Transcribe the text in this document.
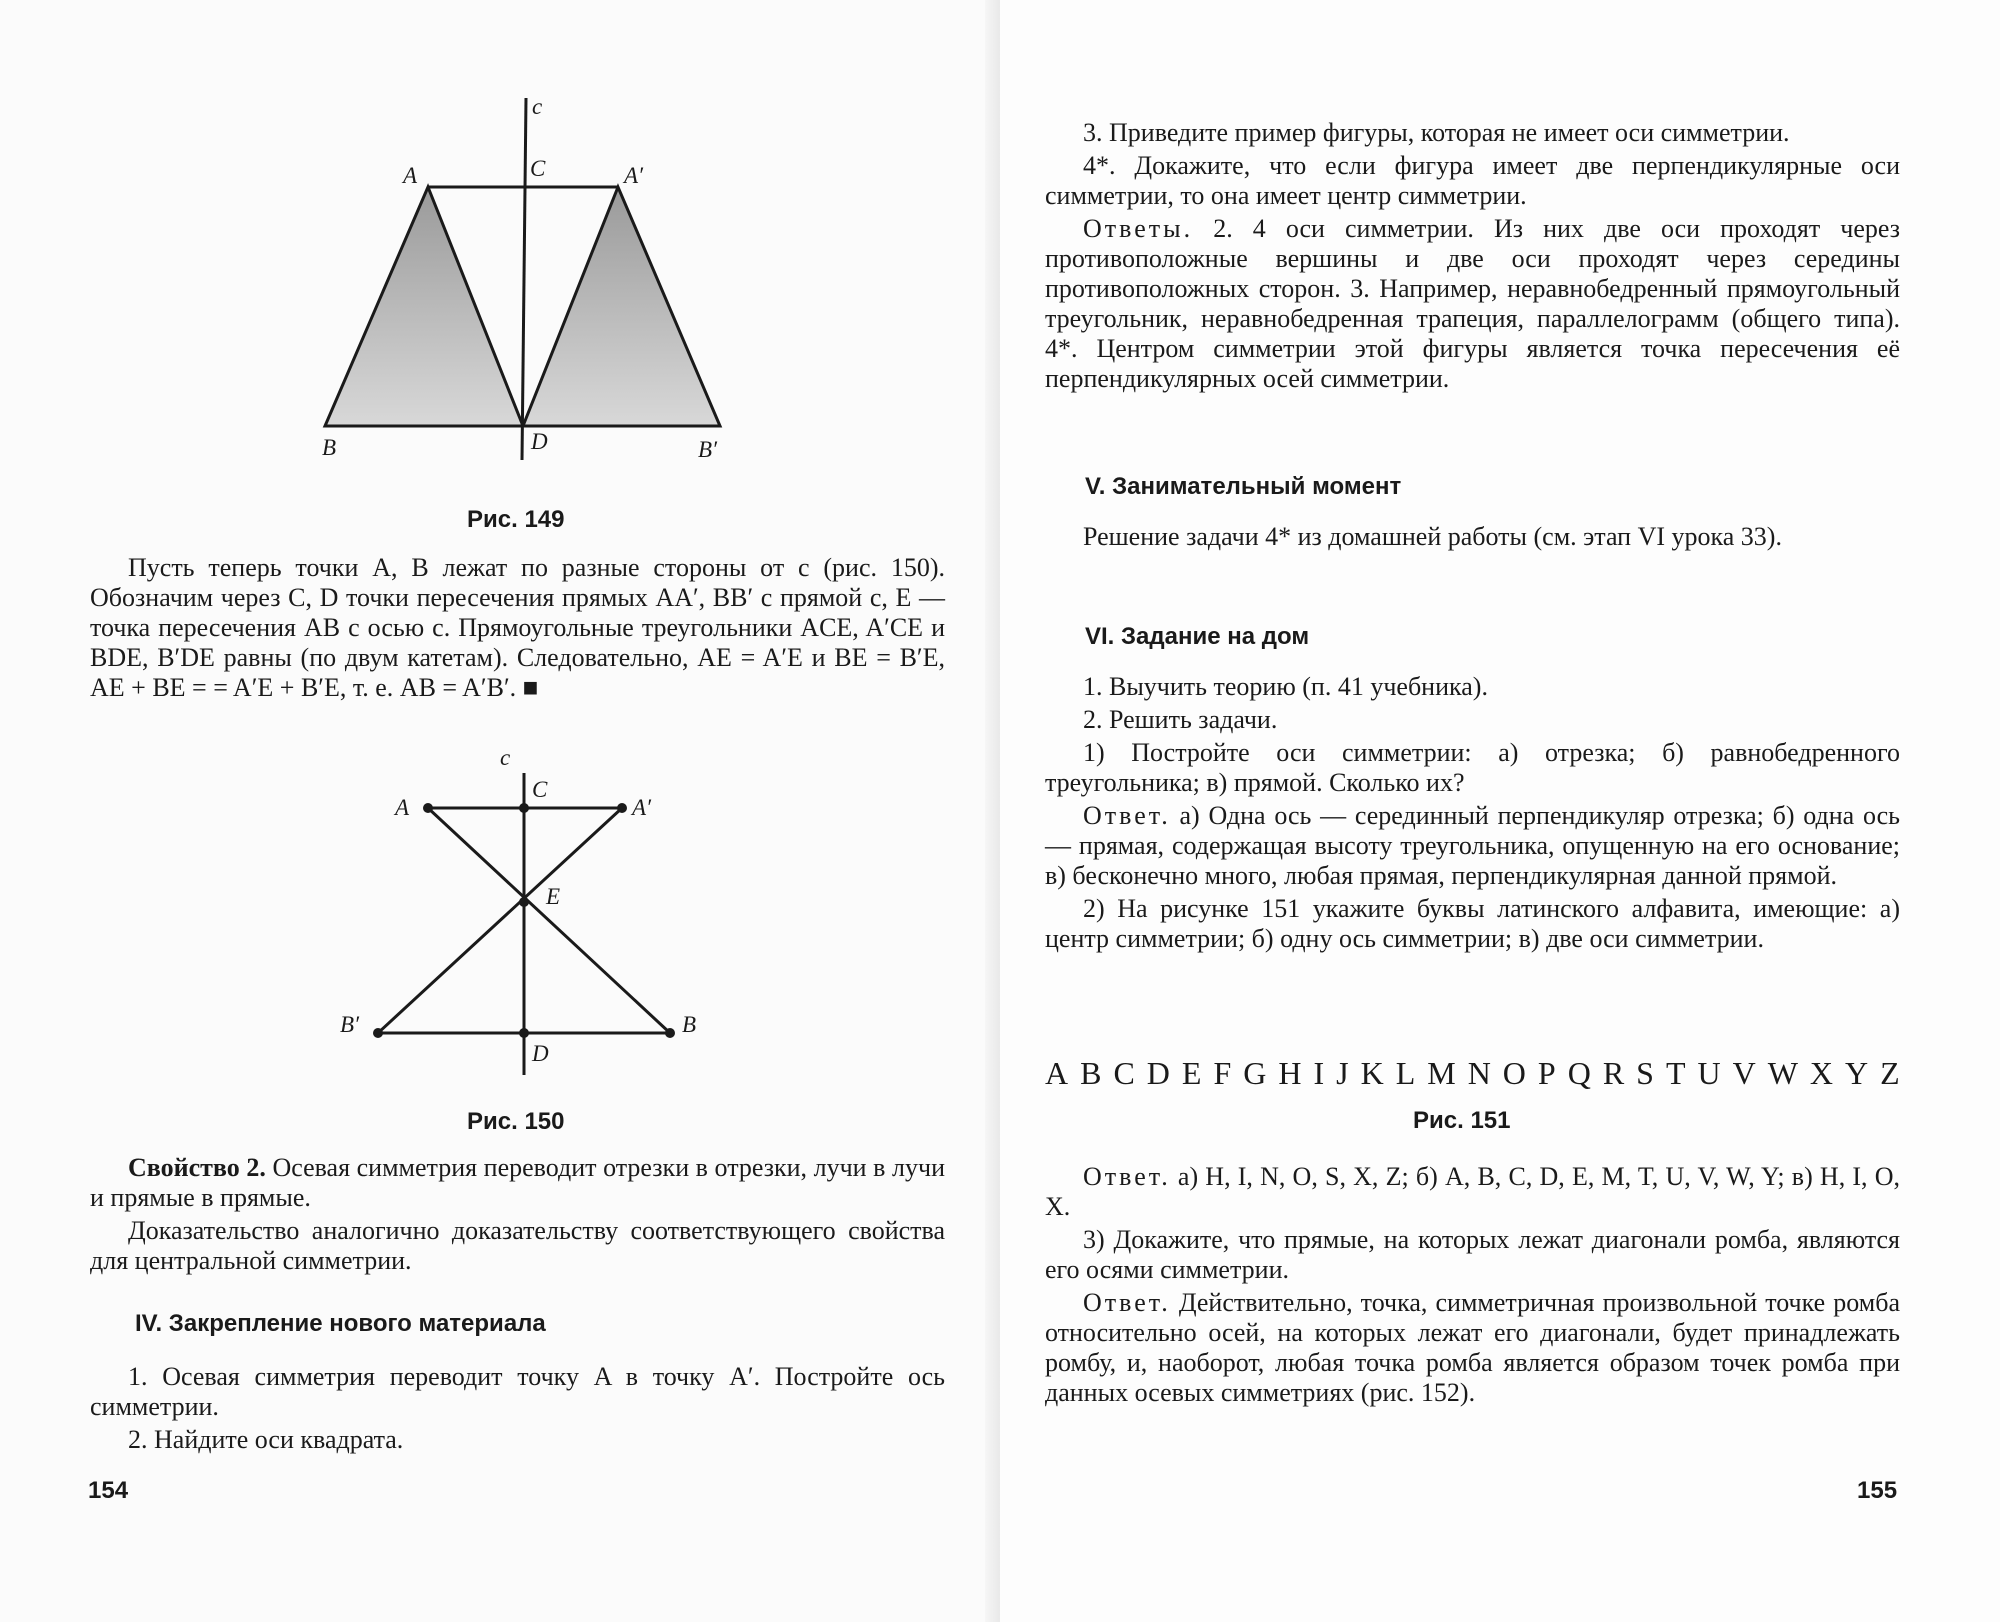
c
A	C	A′
B	D	B′
Рис. 149

Пусть теперь точки A, B лежат по разные стороны от c (рис. 150). Обозначим через C, D точки пересечения прямых AA′, BB′ с прямой c, E — точка пересечения AB с осью c. Прямоугольные треугольники ACE, A′CE и BDE, B′DE равны (по двум катетам). Следовательно, AE = A′E и BE = B′E, AE + BE = = A′E + B′E, т. е. AB = A′B′. ■

c
A
C
A′
E
B′
D
B
Рис. 150

Свойство 2. Осевая симметрия переводит отрезки в отрезки, лучи в лучи и прямые в прямые.

Доказательство аналогично доказательству соответствующего свойства для центральной симметрии.

IV. Закрепление нового материала

1. Осевая симметрия переводит точку A в точку A′. Постройте ось симметрии.

2. Найдите оси квадрата.

154

3. Приведите пример фигуры, которая не имеет оси симметрии.

4*. Докажите, что если фигура имеет две перпендикулярные оси симметрии, то она имеет центр симметрии.

Ответы. 2. 4 оси симметрии. Из них две оси проходят через противоположные вершины и две оси проходят через середины противоположных сторон. 3. Например, неравнобедренный прямоугольный треугольник, неравнобедренная трапеция, параллелограмм (общего типа). 4*. Центром симметрии этой фигуры является точка пересечения её перпендикулярных осей симметрии.

V. Занимательный момент

Решение задачи 4* из домашней работы (см. этап VI урока 33).

VI. Задание на дом

1. Выучить теорию (п. 41 учебника).

2. Решить задачи.

1) Постройте оси симметрии: а) отрезка; б) равнобедренного треугольника; в) прямой. Сколько их?

Ответ. а) Одна ось — серединный перпендикуляр отрезка; б) одна ось — прямая, содержащая высоту треугольника, опущенную на его основание; в) бесконечно много, любая прямая, перпендикулярная данной прямой.

2) На рисунке 151 укажите буквы латинского алфавита, имеющие: а) центр симметрии; б) одну ось симметрии; в) две оси симметрии.

A B C D E F G H I J K L M N O P Q R S T U V W X Y Z
Рис. 151

Ответ. а) H, I, N, O, S, X, Z; б) A, B, C, D, E, M, T, U, V, W, Y; в) H, I, O, X.

3) Докажите, что прямые, на которых лежат диагонали ромба, являются его осями симметрии.

Ответ. Действительно, точка, симметричная произвольной точке ромба относительно осей, на которых лежат его диагонали, будет принадлежать ромбу, и, наоборот, любая точка ромба является образом точек ромба при данных осевых симметриях (рис. 152).

155
